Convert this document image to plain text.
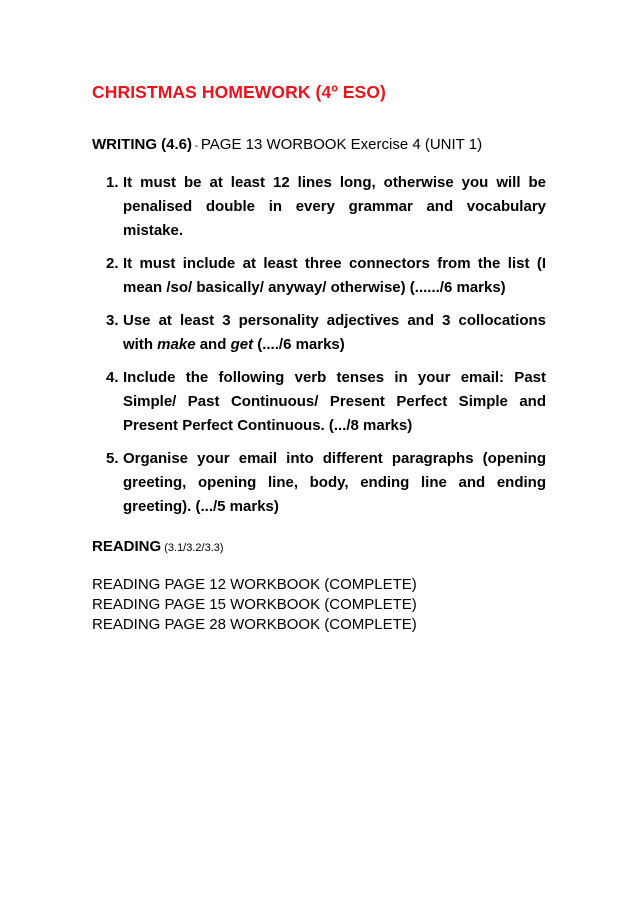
CHRISTMAS HOMEWORK (4º ESO)
WRITING (4.6) - PAGE 13 WORBOOK Exercise 4 (UNIT 1)
1. It must be at least 12 lines long, otherwise you will be penalised double in every grammar and vocabulary mistake.
2. It must include at least three connectors from the list (I mean /so/ basically/ anyway/ otherwise) (....../6 marks)
3. Use at least 3 personality adjectives and 3 collocations with make and get (..../6 marks)
4. Include the following verb tenses in your email: Past Simple/ Past Continuous/ Present Perfect Simple and Present Perfect Continuous. (.../8 marks)
5. Organise your email into different paragraphs (opening greeting, opening line, body, ending line and ending greeting). (.../5 marks)
READING (3.1/3.2/3.3)
READING PAGE 12 WORKBOOK (COMPLETE)
READING PAGE 15 WORKBOOK (COMPLETE)
READING PAGE 28 WORKBOOK (COMPLETE)
